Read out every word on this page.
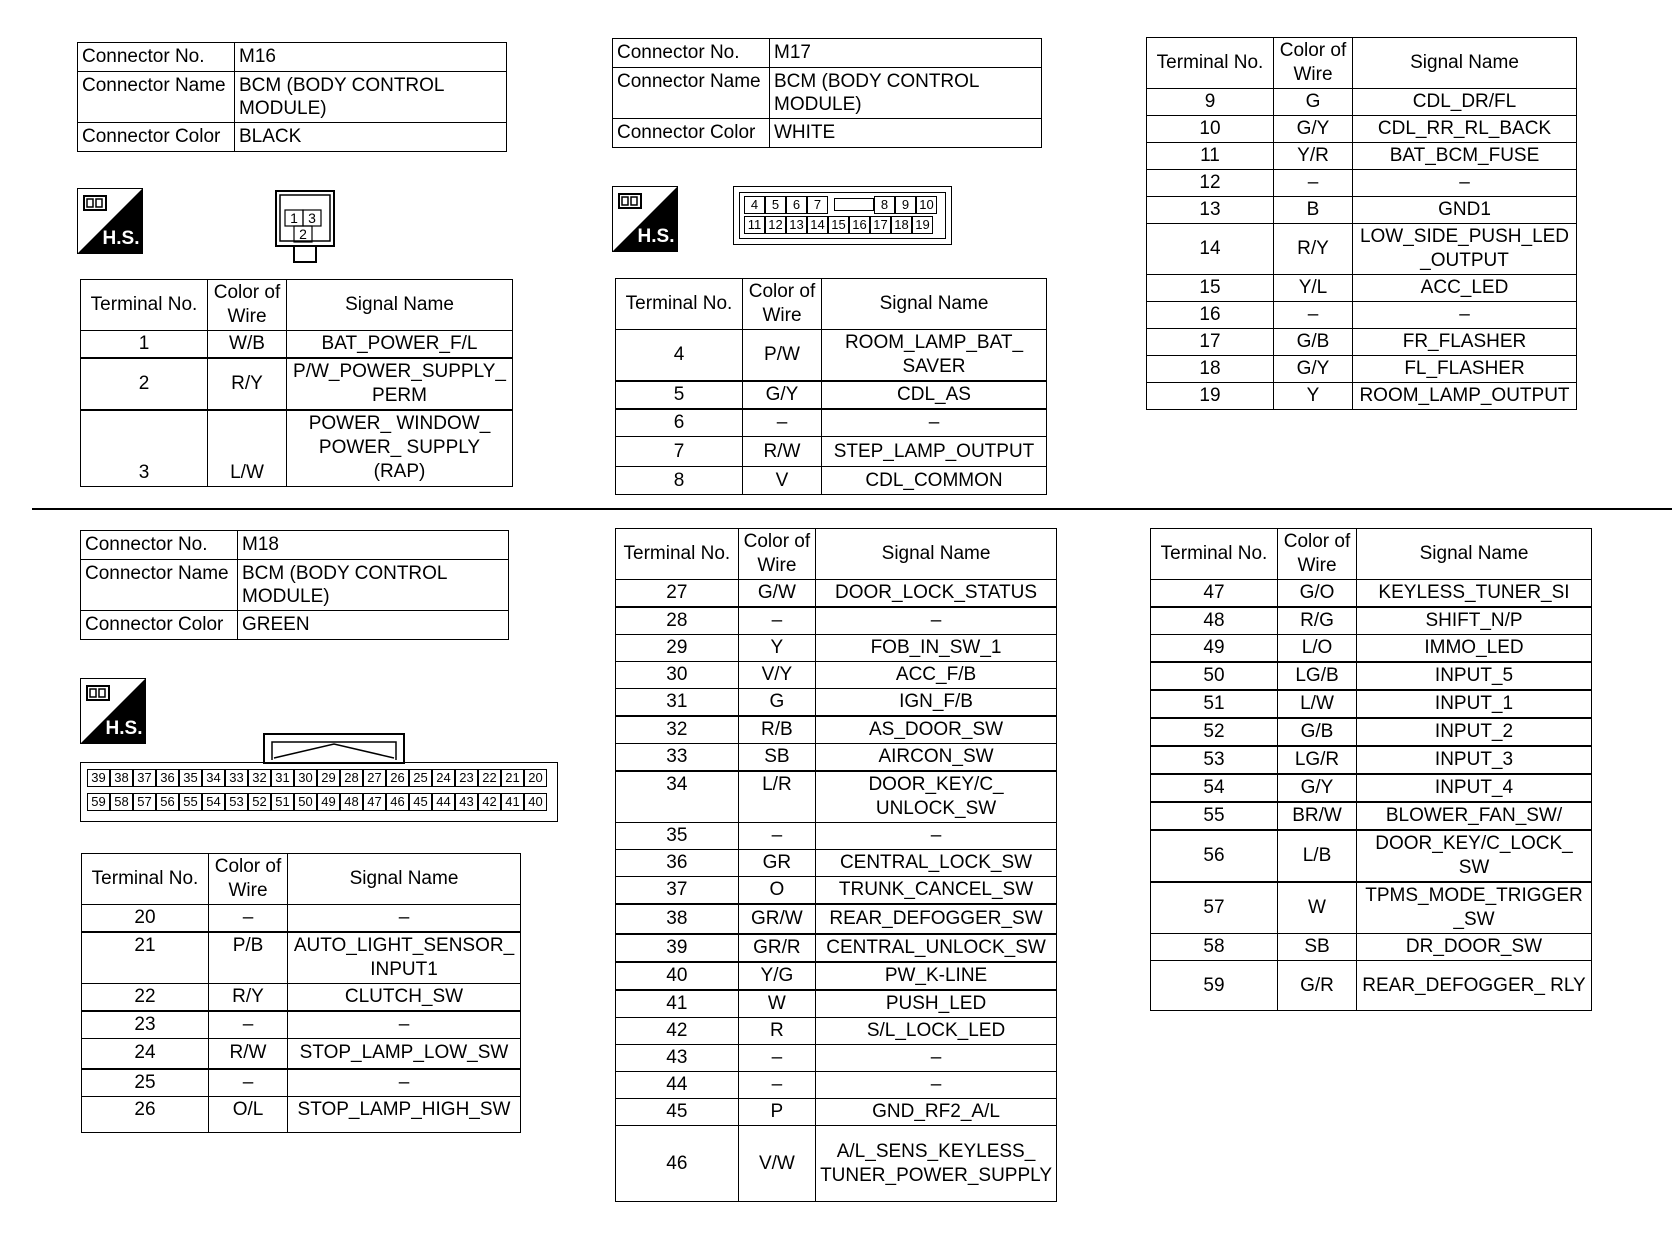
Connector No.	M16
Connector Name	BCM (BODY CONTROL MODULE)
Connector Color	BLACK
H.S.
1 3
2
Terminal No.	Color of Wire	Signal Name
1	W/B	BAT_POWER_F/L
2	R/Y	P/W_POWER_SUPPLY_PERM
3	L/W	POWER_ WINDOW_ POWER_ SUPPLY (RAP)
Connector No.	M17
Connector Name	BCM (BODY CONTROL MODULE)
Connector Color	WHITE
H.S.
4	5	6	7	8	9 10
11 12 13 14 15 16 17 18 19
Terminal No.	Color of Wire	Signal Name
4	P/W	ROOM_LAMP_BAT_ SAVER
5	G/Y	CDL_AS
6	–	–
7	R/W	STEP_LAMP_OUTPUT
8	V	CDL_COMMON
Terminal No.	Color of Wire	Signal Name
9	G	CDL_DR/FL
10	G/Y	CDL_RR_RL_BACK
11	Y/R	BAT_BCM_FUSE
12	–	–
13	B	GND1
14	R/Y	LOW_SIDE_PUSH_LED_OUTPUT
15	Y/L	ACC_LED
16	–	–
17	G/B	FR_FLASHER
18	G/Y	FL_FLASHER
19	Y	ROOM_LAMP_OUTPUT
Connector No.	M18
Connector Name	BCM (BODY CONTROL MODULE)
Connector Color	GREEN
H.S.
39 38 37 36 35 34 33 32 31 30 29 28 27 26 25 24 23 22 21 20
59 58 57 56 55 54 53 52 51 50 49 48 47 46 45 44 43 42 41 40
Terminal No.	Color of Wire	Signal Name
20	–	–
21	P/B	AUTO_LIGHT_SENSOR_INPUT1
22	R/Y	CLUTCH_SW
23	–	–
24	R/W	STOP_LAMP_LOW_SW
25	–	–
26	O/L	STOP_LAMP_HIGH_SW
Terminal No.	Color of Wire	Signal Name
27	G/W	DOOR_LOCK_STATUS
28	–	–
29	Y	FOB_IN_SW_1
30	V/Y	ACC_F/B
31	G	IGN_F/B
32	R/B	AS_DOOR_SW
33	SB	AIRCON_SW
34	L/R	DOOR_KEY/C_ UNLOCK_SW
35	–	–
36	GR	CENTRAL_LOCK_SW
37	O	TRUNK_CANCEL_SW
38	GR/W	REAR_DEFOGGER_SW
39	GR/R	CENTRAL_UNLOCK_SW
40	Y/G	PW_K-LINE
41	W	PUSH_LED
42	R	S/L_LOCK_LED
43	–	–
44	–	–
45	P	GND_RF2_A/L
46	V/W	A/L_SENS_KEYLESS_ TUNER_POWER_SUPPLY
Terminal No.	Color of Wire	Signal Name
47	G/O	KEYLESS_TUNER_SI
48	R/G	SHIFT_N/P
49	L/O	IMMO_LED
50	LG/B	INPUT_5
51	L/W	INPUT_1
52	G/B	INPUT_2
53	LG/R	INPUT_3
54	G/Y	INPUT_4
55	BR/W	BLOWER_FAN_SW/
56	L/B	DOOR_KEY/C_LOCK_ SW
57	W	TPMS_MODE_TRIGGER_SW
58	SB	DR_DOOR_SW
59	G/R	REAR_DEFOGGER_ RLY
